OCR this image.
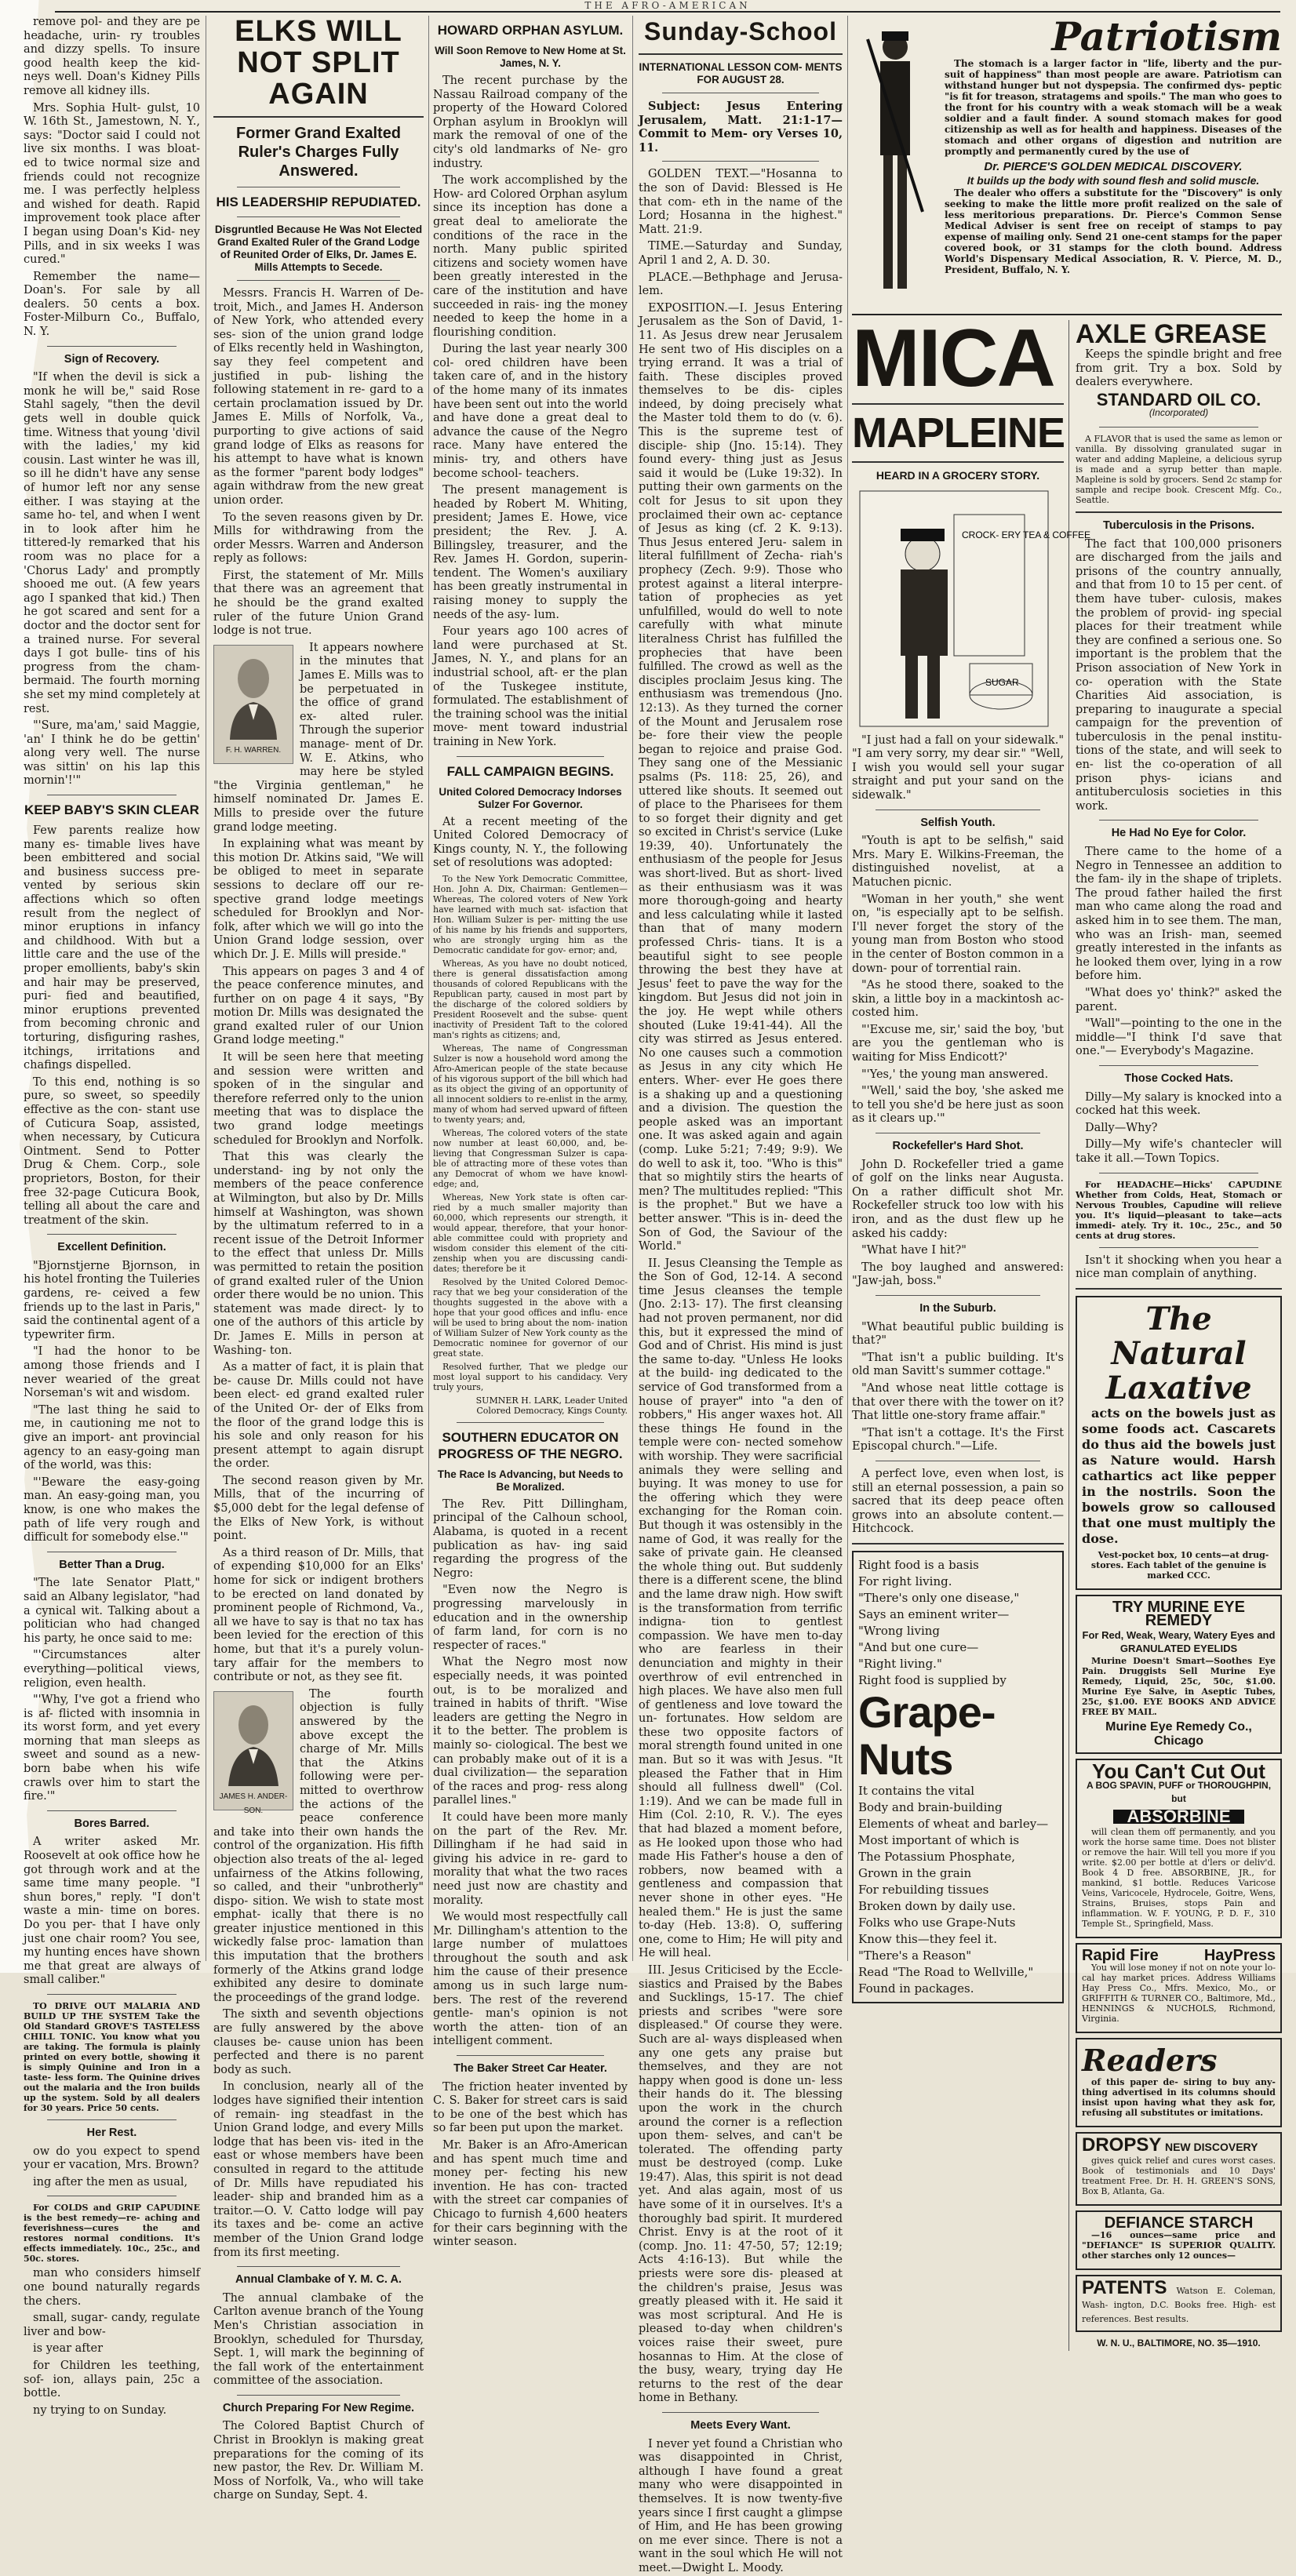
THE AFRO-AMERICAN

remove pol- and they are pe headache, urin- ry troubles and dizzy spells. To insure good health keep the kid- neys well. Doan's Kidney Pills remove all kidney ills.

Mrs. Sophia Hult- gulst, 10 W. 16th St., Jamestown, N. Y., says: "Doctor said I could not live six months. I was bloat- ed to twice normal size and friends could not recognize me. I was perfectly helpless and wished for death. Rapid improvement took place after I began using Doan's Kid- ney Pills, and in six weeks I was cured."

Remember the name—Doan's. For sale by all dealers. 50 cents a box. Foster-Milburn Co., Buffalo, N. Y.

Sign of Recovery.

"If when the devil is sick a monk he will be," said Rose Stahl sagely, "then the devil gets well in double quick time. Witness that young 'divil with the ladies,' my kid cousin. Last winter he was ill, so ill he didn't have any sense of humor left nor any sense either. I was staying at the same ho- tel, and when I went in to look after him he tittered-ly remarked that his room was no place for a 'Chorus Lady' and promptly shooed me out. (A few years ago I spanked that kid.) Then he got scared and sent for a doctor and the doctor sent for a trained nurse. For several days I got bulle- tins of his progress from the cham- bermaid. The fourth morning she set my mind completely at rest.

"'Sure, ma'am,' said Maggie, 'an' I think he do be gettin' along very well. The nurse was sittin' on his lap this mornin'!'"

KEEP BABY'S SKIN CLEAR

Few parents realize how many es- timable lives have been embittered and social and business success pre- vented by serious skin affections which so often result from the neglect of minor eruptions in infancy and childhood. With but a little care and the use of the proper emollients, baby's skin and hair may be preserved, puri- fied and beautified, minor eruptions prevented from becoming chronic and torturing, disfiguring rashes, itchings, irritations and chafings dispelled.

To this end, nothing is so pure, so sweet, so speedily effective as the con- stant use of Cuticura Soap, assisted, when necessary, by Cuticura Ointment. Send to Potter Drug & Chem. Corp., sole proprietors, Boston, for their free 32-page Cuticura Book, telling all about the care and treatment of the skin.

Excellent Definition.

"Bjornstjerne Bjornson, in his hotel fronting the Tuileries gardens, re- ceived a few friends up to the last in Paris," said the continental agent of a typewriter firm.

"I had the honor to be among those friends and I never wearied of the great Norseman's wit and wisdom.

"The last thing he said to me, in cautioning me not to give an import- ant provincial agency to an easy-going man of the world, was this:

"'Beware the easy-going man. An easy-going man, you know, is one who makes the path of life very rough and difficult for somebody else.'"

Better Than a Drug.

"The late Senator Platt," said an Albany legislator, "had a cynical wit. Talking about a politician who had changed his party, he once said to me:

"'Circumstances alter everything—political views, religion, even health.

"'Why, I've got a friend who is af- flicted with insomnia in its worst form, and yet every morning that man sleeps as sweet and sound as a new-born babe when his wife crawls over him to start the fire.'"

Bores Barred.

A writer asked Mr. Roosevelt at ook office how he got through work and at the same time many people. "I shun bores," reply. "I don't waste a min- time on bores. Do you per- that I have only just one chair room? You see, my hunting ences have shown me that great are always of small caliber."

TO DRIVE OUT MALARIA AND BUILD UP THE SYSTEM Take the Old Standard GROVE'S TASTELESS CHILL TONIC. You know what you are taking. The formula is plainly printed on every bottle, showing it is simply Quinine and Iron in a taste- less form. The Quinine drives out the malaria and the Iron builds up the system. Sold by all dealers for 30 years. Price 50 cents.

Her Rest.

ow do you expect to spend your er vacation, Mrs. Brown?

ing after the men as usual,

For COLDS and GRIP CAPUDINE is the best remedy—re- aching and feverishness—cures the and restores normal conditions. It's effects immediately. 10c., 25c., and 50c. stores.

man who considers himself one bound naturally regards the chers.

small, sugar- candy, regulate liver and bow-

is year after

for Children les teething, sof- ion, allays pain, 25c a bottle.

ny trying to on Sunday.

ELKS WILL NOT SPLIT AGAIN
Former Grand Exalted Ruler's Charges Fully Answered.
HIS LEADERSHIP REPUDIATED.
Disgruntled Because He Was Not Elected Grand Exalted Ruler of the Grand Lodge of Reunited Order of Elks, Dr. James E. Mills Attempts to Secede.

Messrs. Francis H. Warren of De- troit, Mich., and James H. Anderson of New York, who attended every ses- sion of the union grand lodge of Elks recently held in Washington, say they feel competent and justified in pub- lishing the following statement in re- gard to a certain proclamation issued by Dr. James E. Mills of Norfolk, Va., purporting to give actions of said grand lodge of Elks as reasons for his attempt to have what is known as the former "parent body lodges" again withdraw from the new great union order.

To the seven reasons given by Dr. Mills for withdrawing from the order Messrs. Warren and Anderson reply as follows:

First, the statement of Mr. Mills that there was an agreement that he should be the grand exalted ruler of the future Union Grand lodge is not true.

F. H. WARREN.

It appears nowhere in the minutes that James E. Mills was to be perpetuated in the office of grand ex- alted ruler. Through the superior manage- ment of Dr. W. E. Atkins, who may here be styled "the Virginia gentleman," he himself nominated Dr. James E. Mills to preside over the future grand lodge meeting.

In explaining what was meant by this motion Dr. Atkins said, "We will be obliged to meet in separate sessions to declare off our re- spective grand lodge meetings scheduled for Brooklyn and Nor- folk, after which we will go into the Union Grand lodge session, over which Dr. J. E. Mills will preside."

This appears on pages 3 and 4 of the peace conference minutes, and further on on page 4 it says, "By motion Dr. Mills was designated the grand exalted ruler of our Union Grand lodge meeting."

It will be seen here that meeting and session were written and spoken of in the singular and therefore referred only to the union meeting that was to displace the two grand lodge meetings scheduled for Brooklyn and Norfolk.

That this was clearly the understand- ing by not only the members of the peace conference at Wilmington, but also by Dr. Mills himself at Washington, was shown by the ultimatum referred to in a recent issue of the Detroit Informer to the effect that unless Dr. Mills was permitted to retain the position of grand exalted ruler of the Union order there would be no union. This statement was made direct- ly to one of the authors of this article by Dr. James E. Mills in person at Washing- ton.

As a matter of fact, it is plain that be- cause Dr. Mills could not have been elect- ed grand exalted ruler of the United Or- der of Elks from the floor of the grand lodge this is his sole and only reason for his present attempt to again disrupt the order.

The second reason given by Mr. Mills, that of the incurring of $5,000 debt for the legal defense of the Elks of New York, is without point.

As a third reason of Dr. Mills, that of expending $10,000 for an Elks' home for sick or indigent brothers to be erected on land donated by prominent people of Richmond, Va., all we have to say is that no tax has been levied for the erection of this home, but that it's a purely volun- tary affair for the members to contribute or not, as they see fit.

JAMES H. ANDER- SON.

The fourth objection is fully answered by the above except the charge of Mr. Mills that the Atkins following were per- mitted to overthrow the actions of the peace conference and take into their own hands the control of the organization. His fifth objection also treats of the al- leged unfairness of the Atkins following, so called, and their "unbrotherly" dispo- sition. We wish to state most emphat- ically that there is no greater injustice mentioned in this wickedly false proc- lamation than this imputation that the brothers formerly of the Atkins grand lodge exhibited any desire to dominate the proceedings of the grand lodge.

The sixth and seventh objections are fully answered by the above clauses be- cause union has been perfected and there is no parent body as such.

In conclusion, nearly all of the lodges have signified their intention of remain- ing steadfast in the Union Grand lodge, and every Mills lodge that has been vis- ited in the east or whose members have been consulted in regard to the attitude of Dr. Mills have repudiated his leader- ship and branded him as a traitor.—O. V. Catto lodge will pay its taxes and be- come an active member of the Union Grand lodge from its first meeting.

Annual Clambake of Y. M. C. A.

The annual clambake of the Carlton avenue branch of the Young Men's Christian association in Brooklyn, scheduled for Thursday, Sept. 1, will mark the beginning of the fall work of the entertainment committee of the association.

Church Preparing For New Regime.

The Colored Baptist Church of Christ in Brooklyn is making great preparations for the coming of its new pastor, the Rev. Dr. William M. Moss of Norfolk, Va., who will take charge on Sunday, Sept. 4.

HOWARD ORPHAN ASYLUM.
Will Soon Remove to New Home at St. James, N. Y.

The recent purchase by the Nassau Railroad company of the property of the Howard Colored Orphan asylum in Brooklyn will mark the removal of one of the city's old landmarks of Ne- gro industry.

The work accomplished by the How- ard Colored Orphan asylum since its inception has done a great deal to ameliorate the conditions of the race in the north. Many public spirited citizens and society women have been greatly interested in the care of the institution and have succeeded in rais- ing the money needed to keep the home in a flourishing condition.

During the last year nearly 300 col- ored children have been taken care of, and in the history of the home many of its inmates have been sent out into the world and have done a great deal to advance the cause of the Negro race. Many have entered the minis- try, and others have become school- teachers.

The present management is headed by Robert M. Whiting, president; James E. Howe, vice president; the Rev. J. A. Billingsley, treasurer, and the Rev. James H. Gordon, superin- tendent. The Women's auxiliary has been greatly instrumental in raising money to supply the needs of the asy- lum.

Four years ago 100 acres of land were purchased at St. James, N. Y., and plans for an industrial school, aft- er the plan of the Tuskegee institute, formulated. The establishment of the training school was the initial move- ment toward industrial training in New York.

FALL CAMPAIGN BEGINS.
United Colored Democracy Indorses Sulzer For Governor.

At a recent meeting of the United Colored Democracy of Kings county, N. Y., the following set of resolutions was adopted:

To the New York Democratic Committee, Hon. John A. Dix, Chairman: Gentlemen—Whereas, The colored voters of New York have learned with much sat- isfaction that Hon. William Sulzer is per- mitting the use of his name by his friends and supporters, who are strongly urging him as the Democratic candidate for gov- ernor; and,

Whereas, As you have no doubt noticed, there is general dissatisfaction among thousands of colored Republicans with the Republican party, caused in most part by the discharge of the colored soldiers by President Roosevelt and the subse- quent inactivity of President Taft to the colored man's rights as citizens; and,

Whereas, The name of Congressman Sulzer is now a household word among the Afro-American people of the state because of his vigorous support of the bill which had as its object the giving of an opportunity of all innocent soldiers to re-enlist in the army, many of whom had served upward of fifteen to twenty years; and,

Whereas, The colored voters of the state now number at least 60,000, and, be- lieving that Congressman Sulzer is capa- ble of attracting more of these votes than any Democrat of whom we have knowl- edge; and,

Whereas, New York state is often car- ried by a much smaller majority than 60,000, which represents our strength, it would appear, therefore, that your honor- able committee could with propriety and wisdom consider this element of the citi- zenship when you are discussing candi- dates; therefore be it

Resolved by the United Colored Democ- racy that we beg your consideration of the thoughts suggested in the above with a hope that your good offices and influ- ence will be used to bring about the nom- ination of William Sulzer of New York county as the Democratic nominee for governor of our great state.

Resolved further, That we pledge our most loyal support to his candidacy. Very truly yours,

SUMNER H. LARK, Leader United Colored Democracy, Kings County.

SOUTHERN EDUCATOR ON PROGRESS OF THE NEGRO.
The Race Is Advancing, but Needs to Be Moralized.

The Rev. Pitt Dillingham, principal of the Calhoun school, Alabama, is quoted in a recent publication as hav- ing said regarding the progress of the Negro:

"Even now the Negro is progressing marvelously in education and in the ownership of farm land, for corn is no respecter of races."

What the Negro most now especially needs, it was pointed out, is to be moralized and trained in habits of thrift. "Wise leaders are getting the Negro in it to the better. The problem is mainly so- ciological. The best we can probably make out of it is a dual civilization— the separation of the races and prog- ress along parallel lines."

It could have been more manly on the part of the Rev. Mr. Dillingham if he had said in giving his advice in re- gard to morality that what the two races need just now are chastity and morality.

We would most respectfully call Mr. Dillingham's attention to the large number of mulattoes throughout the south and ask him the cause of their presence among us in such large num- bers. The rest of the reverend gentle- man's opinion is not worth the atten- tion of an intelligent comment.

The Baker Street Car Heater.

The friction heater invented by C. S. Baker for street cars is said to be one of the best which has so far been put upon the market.

Mr. Baker is an Afro-American and has spent much time and money per- fecting his new invention. He has con- tracted with the street car companies of Chicago to furnish 4,600 heaters for their cars beginning with the winter season.

Sunday-School
INTERNATIONAL LESSON COM- MENTS FOR AUGUST 28.

Subject: Jesus Entering Jerusalem, Matt. 21:1-17—Commit to Mem- ory Verses 10, 11.

GOLDEN TEXT.—"Hosanna to the son of David: Blessed is He that com- eth in the name of the Lord; Hosanna in the highest." Matt. 21:9.

TIME.—Saturday and Sunday, April 1 and 2, A. D. 30.

PLACE.—Bethphage and Jerusa- lem.

EXPOSITION.—I. Jesus Entering Jerusalem as the Son of David, 1-11. As Jesus drew near Jerusalem He sent two of His disciples on a trying errand. It was a trial of faith. These disciples proved themselves to be dis- ciples indeed, by doing precisely what the Master told them to do (v. 6). This is the supreme test of disciple- ship (Jno. 15:14). They found every- thing just as Jesus said it would be (Luke 19:32). In putting their own garments on the colt for Jesus to sit upon they proclaimed their own ac- ceptance of Jesus as king (cf. 2 K. 9:13). Thus Jesus entered Jeru- salem in literal fulfillment of Zecha- riah's prophecy (Zech. 9:9). Those who protest against a literal interpre- tation of prophecies as yet unfulfilled, would do well to note carefully with what minute literalness Christ has fulfilled the prophecies that have been fulfilled. The crowd as well as the disciples proclaim Jesus king. The enthusiasm was tremendous (Jno. 12:13). As they turned the corner of the Mount and Jerusalem rose be- fore their view the people began to rejoice and praise God. They sang one of the Messianic psalms (Ps. 118: 25, 26), and uttered like shouts. It seemed out of place to the Pharisees for them to so forget their dignity and get so excited in Christ's service (Luke 19:39, 40). Unfortunately the enthusiasm of the people for Jesus was short-lived. But as short- lived as their enthusiasm was it was more thorough-going and hearty and less calculating while it lasted than that of many modern professed Chris- tians. It is a beautiful sight to see people throwing the best they have at Jesus' feet to pave the way for the kingdom. But Jesus did not join in the joy. He wept while others shouted (Luke 19:41-44). All the city was stirred as Jesus entered. No one causes such a commotion as Jesus in any city which He enters. Wher- ever He goes there is a shaking up and a questioning and a division. The question the people asked was an important one. It was asked again and again (comp. Luke 5:21; 7:49; 9:9). We do well to ask it, too. "Who is this" that so mightily stirs the hearts of men? The multitudes replied: "This is the prophet." But we have a better answer. "This is in- deed the Son of God, the Saviour of the World."

II. Jesus Cleansing the Temple as the Son of God, 12-14. A second time Jesus cleanses the temple (Jno. 2:13- 17). The first cleansing had not proven permanent, nor did this, but it expressed the mind of God and of Christ. His mind is just the same to-day. "Unless He looks at the build- ing dedicated to the service of God transformed from a house of prayer" into "a den of robbers," His anger waxes hot. All these things He found in the temple were con- nected somehow with worship. They were sacrificial animals they were selling and buying. It was money to use for the offering which they were exchanging for the Roman coin. But though it was ostensibly in the name of God, it was really for the sake of private gain. He cleansed the whole thing out. But suddenly there is a different scene, the blind and the lame draw nigh. How swift is the transformation from terrific indigna- tion to gentlest compassion. We have men to-day who are fearless in their denunciation and mighty in their overthrow of evil entrenched in high places. We have also men full of gentleness and love toward the un- fortunates. How seldom are these two opposite factors of moral strength found united in one man. But so it was with Jesus. "It pleased the Father that in Him should all fullness dwell" (Col. 1:19). And we can be made full in Him (Col. 2:10, R. V.). The eyes that had blazed a moment before, as He looked upon those who had made His Father's house a den of robbers, now beamed with a gentleness and compassion that never shone in other eyes. "He healed them." He is just the same to-day (Heb. 13:8). O, suffering one, come to Him; He will pity and He will heal.

III. Jesus Criticised by the Eccle- siastics and Praised by the Babes and Sucklings, 15-17. The chief priests and scribes "were sore displeased." Of course they were. Such are al- ways displeased when any one gets any praise but themselves, and they are not happy when good is done un- less their hands do it. The blessing upon the work in the church around the corner is a reflection upon them- selves, and can't be tolerated. The offending party must be destroyed (comp. Luke 19:47). Alas, this spirit is not dead yet. And alas again, most of us have some of it in ourselves. It's a thoroughly bad spirit. It murdered Christ. Envy is at the root of it (comp. Jno. 11: 47-50, 57; 12:19; Acts 4:16-13). But while the priests were sore dis- pleased at the children's praise, Jesus was greatly pleased with it. He said it was most scriptural. And He is pleased to-day when children's voices raise their sweet, pure hosannas to Him. At the close of the busy, weary, trying day He returns to the rest of the dear home in Bethany.

Meets Every Want.

I never yet found a Christian who was disappointed in Christ, although I have found a great many who were disappointed in themselves. It is now twenty-five years since I first caught a glimpse of Him, and He has been growing on me ever since. There is not a want in the soul which He will not meet.—Dwight L. Moody.

Patriotism

The stomach is a larger factor in "life, liberty and the pur- suit of happiness" than most people are aware. Patriotism can withstand hunger but not dyspepsia. The confirmed dys- peptic "is fit for treason, stratagems and spoils." The man who goes to the front for his country with a weak stomach will be a weak soldier and a fault finder. A sound stomach makes for good citizenship as well as for health and happiness. Diseases of the stomach and other organs of digestion and nutrition are promptly and permanently cured by the use of

Dr. PIERCE'S GOLDEN MEDICAL DISCOVERY.
It builds up the body with sound flesh and solid muscle.

The dealer who offers a substitute for the "Discovery" is only seeking to make the little more profit realized on the sale of less meritorious preparations. Dr. Pierce's Common Sense Medical Adviser is sent free on receipt of stamps to pay expense of mailing only. Send 21 one-cent stamps for the paper covered book, or 31 stamps for the cloth bound. Address World's Dispensary Medical Association, R. V. Pierce, M. D., President, Buffalo, N. Y.

MICA
MAPLEINE
HEARD IN A GROCERY STORY.
CROCK- ERY TEA & COFFEE
SUGAR

"I just had a fall on your sidewalk." "I am very sorry, my dear sir." "Well, I wish you would sell your sugar straight and put your sand on the sidewalk."

Selfish Youth.

"Youth is apt to be selfish," said Mrs. Mary E. Wilkins-Freeman, the distinguished novelist, at a Matuchen picnic.

"Woman in her youth," she went on, "is especially apt to be selfish. I'll never forget the story of the young man from Boston who stood in the center of Boston common in a down- pour of torrential rain.

"As he stood there, soaked to the skin, a little boy in a mackintosh ac- costed him.

"'Excuse me, sir,' said the boy, 'but are you the gentleman who is waiting for Miss Endicott?'

"'Yes,' the young man answered.

"'Well,' said the boy, 'she asked me to tell you she'd be here just as soon as it clears up.'"

Rockefeller's Hard Shot.

John D. Rockefeller tried a game of golf on the links near Augusta. On a rather difficult shot Mr. Rockefeller struck too low with his iron, and as the dust flew up he asked his caddy:

"What have I hit?"

The boy laughed and answered: "Jaw-jah, boss."

In the Suburb.

"What beautiful public building is that?"

"That isn't a public building. It's old man Savitt's summer cottage."

"And whose neat little cottage is that over there with the tower on it? That little one-story frame affair."

"That isn't a cottage. It's the First Episcopal church."—Life.

A perfect love, even when lost, is still an eternal possession, a pain so sacred that its deep peace often grows into an absolute content.—Hitchcock.

Right food is a basis
For right living.
"There's only one disease,"
Says an eminent writer—
"Wrong living
"And but one cure—
"Right living."
Right food is supplied by
Grape-Nuts
It contains the vital
Body and brain-building
Elements of wheat and barley—
Most important of which is
The Potassium Phosphate,
Grown in the grain
For rebuilding tissues
Broken down by daily use.
Folks who use Grape-Nuts
Know this—they feel it.
"There's a Reason"
Read "The Road to Wellville,"
Found in packages.
AXLE GREASE

Keeps the spindle bright and free from grit. Try a box. Sold by dealers everywhere.

STANDARD OIL CO.
(Incorporated)

A FLAVOR that is used the same as lemon or vanilla. By dissolving granulated sugar in water and adding Mapleine, a delicious syrup is made and a syrup better than maple. Mapleine is sold by grocers. Send 2c stamp for sample and recipe book. Crescent Mfg. Co., Seattle.

Tuberculosis in the Prisons.

The fact that 100,000 prisoners are discharged from the jails and prisons of the country annually, and that from 10 to 15 per cent. of them have tuber- culosis, makes the problem of provid- ing special places for their treatment while they are confined a serious one. So important is the problem that the Prison association of New York in co- operation with the State Charities Aid association, is preparing to inaugurate a special campaign for the prevention of tuberculosis in the penal institu- tions of the state, and will seek to en- list the co-operation of all prison phys- icians and antituberculosis societies in this work.

He Had No Eye for Color.

There came to the home of a Negro in Tennessee an addition to the fam- ily in the shape of triplets. The proud father hailed the first man who came along the road and asked him in to see them. The man, who was an Irish- man, seemed greatly interested in the infants as he looked them over, lying in a row before him.

"What does yo' think?" asked the parent.

"Wall"—pointing to the one in the middle—"I think I'd save that one."— Everybody's Magazine.

Those Cocked Hats.

Dilly—My salary is knocked into a cocked hat this week.

Dally—Why?

Dilly—My wife's chantecler will take it all.—Town Topics.

For HEADACHE—Hicks' CAPUDINE Whether from Colds, Heat, Stomach or Nervous Troubles, Capudine will relieve you. It's liquid—pleasant to take—acts immedi- ately. Try it. 10c., 25c., and 50 cents at drug stores.

Isn't it shocking when you hear a nice man complain of anything.

The Natural
Laxative

acts on the bowels just as some foods act. Cascarets do thus aid the bowels just as Nature would. Harsh cathartics act like pepper in the nostrils. Soon the bowels grow so calloused that one must multiply the dose.

Vest-pocket box, 10 cents—at drug-stores. Each tablet of the genuine is marked CCC.

TRY MURINE EYE REMEDY
For Red, Weak, Weary, Watery Eyes and GRANULATED EYELIDS

Murine Doesn't Smart—Soothes Eye Pain. Druggists Sell Murine Eye Remedy, Liquid, 25c, 50c, $1.00. Murine Eye Salve, in Aseptic Tubes, 25c, $1.00. EYE BOOKS AND ADVICE FREE BY MAIL.

Murine Eye Remedy Co., Chicago
You Can't Cut Out
A BOG SPAVIN, PUFF or THOROUGHPIN, but
ABSORBINE

will clean them off permanently, and you work the horse same time. Does not blister or remove the hair. Will tell you more if you write. $2.00 per bottle at d'lers or deliv'd. Book 4 D free. ABSORBINE, JR., for mankind, $1 bottle. Reduces Varicose Veins, Varicocele, Hydrocele, Goitre, Wens, Strains, Bruises, stops Pain and inflammation. W. F. YOUNG, P. D. F., 310 Temple St., Springfield, Mass.

Rapid Fire	HayPress

You will lose money if not on note your lo- cal hay market prices. Address Williams Hay Press Co., Mfrs. Mexico, Mo., or GRIFFITH & TURNER CO., Baltimore, Md., HENNINGS & NUCHOLS, Richmond, Virginia.

Readers

of this paper de- siring to buy any- thing advertised in its columns should insist upon having what they ask for, refusing all substitutes or imitations.

DROPSY NEW DISCOVERY

gives quick relief and cures worst cases. Book of testimonials and 10 Days' treatment Free. Dr. H. H. GREEN'S SONS, Box B, Atlanta, Ga.

DEFIANCE STARCH

—16 ounces—same price and "DEFIANCE" IS SUPERIOR QUALITY. other starches only 12 ounces—

PATENTS Watson E. Coleman, Wash- ington, D.C. Books free. High- est references. Best results.
W. N. U., BALTIMORE, NO. 35—1910.
